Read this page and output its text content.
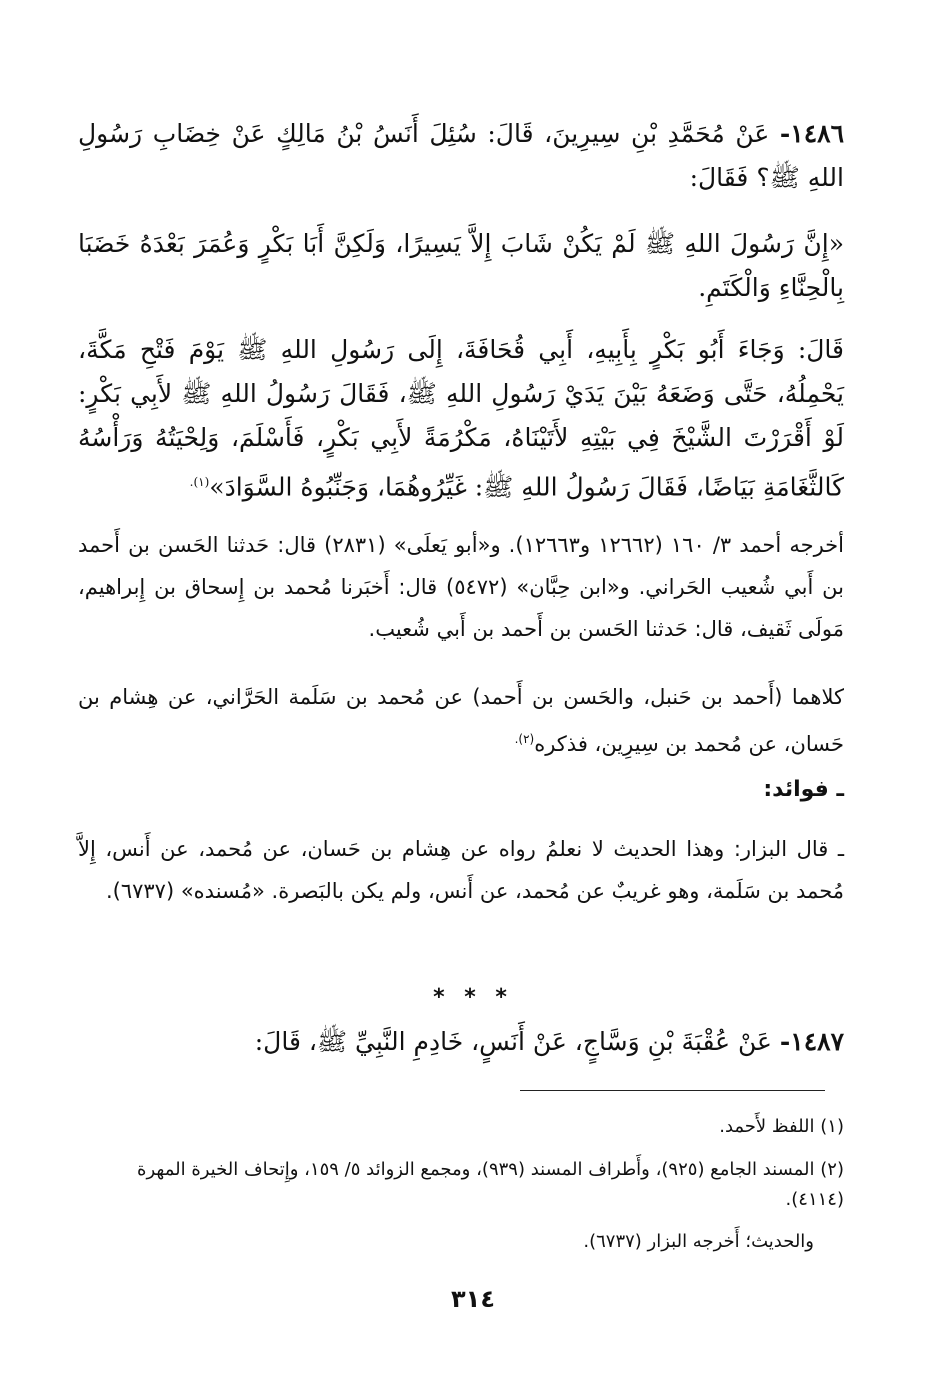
١٤٨٦- عَنْ مُحَمَّدِ بْنِ سِيرِينَ، قَالَ: سُئِلَ أَنَسُ بْنُ مَالِكٍ عَنْ خِضَابِ رَسُولِ اللهِ ﷺ؟ فَقَالَ:
«إِنَّ رَسُولَ اللهِ ﷺ لَمْ يَكُنْ شَابَ إِلاَّ يَسِيرًا، وَلَكِنَّ أَبَا بَكْرٍ وَعُمَرَ بَعْدَهُ خَضَبَا بِالْحِنَّاءِ وَالْكَتَمِ.
قَالَ: وَجَاءَ أَبُو بَكْرٍ بِأَبِيهِ، أَبِي قُحَافَةَ، إِلَى رَسُولِ اللهِ ﷺ يَوْمَ فَتْحِ مَكَّةَ، يَحْمِلُهُ، حَتَّى وَضَعَهُ بَيْنَ يَدَيْ رَسُولِ اللهِ ﷺ، فَقَالَ رَسُولُ اللهِ ﷺ لأَبِي بَكْرٍ: لَوْ أَقْرَرْتَ الشَّيْخَ فِي بَيْتِهِ لأَتَيْنَاهُ، مَكْرُمَةً لأَبِي بَكْرٍ، فَأَسْلَمَ، وَلِحْيَتُهُ وَرَأْسُهُ كَالثَّغَامَةِ بَيَاضًا، فَقَالَ رَسُولُ اللهِ ﷺ: غَيِّرُوهُمَا، وَجَنِّبُوهُ السَّوَادَ»$^{(١).}$
أخرجه أحمد ٣/ ١٦٠ (١٢٦٦٢ و١٢٦٦٣). و«أبو يَعلَى» (٢٨٣١) قال: حَدثنا الحَسن بن أَحمد بن أَبي شُعيب الحَراني. و«ابن حِبَّان» (٥٤٧٢) قال: أَخبَرنا مُحمد بن إِسحاق بن إِبراهيم، مَولَى ثَقيف، قال: حَدثنا الحَسن بن أَحمد بن أَبي شُعيب.
كلاهما (أَحمد بن حَنبل، والحَسن بن أَحمد) عن مُحمد بن سَلَمة الحَرَّاني، عن هِشام بن حَسان، عن مُحمد بن سِيرِين، فذكره$^{(٢).}$
ـ فوائد:
ـ قال البزار: وهذا الحديث لا نعلمُ رواه عن هِشام بن حَسان، عن مُحمد، عن أَنس، إِلاَّ مُحمد بن سَلَمة، وهو غريبٌ عن مُحمد، عن أَنس، ولم يكن بالبَصرة. «مُسنده» (٦٧٣٧).
* * *
١٤٨٧- عَنْ عُقْبَةَ بْنِ وَسَّاجٍ، عَنْ أَنَسٍ، خَادِمِ النَّبِيِّ ﷺ، قَالَ:
(١) اللفظ لأَحمد.
(٢) المسند الجامع (٩٢٥)، وأَطراف المسند (٩٣٩)، ومجمع الزوائد ٥/ ١٥٩، وإِتحاف الخيرة المهرة (٤١١٤).
والحديث؛ أَخرجه البزار (٦٧٣٧).
٣١٤
